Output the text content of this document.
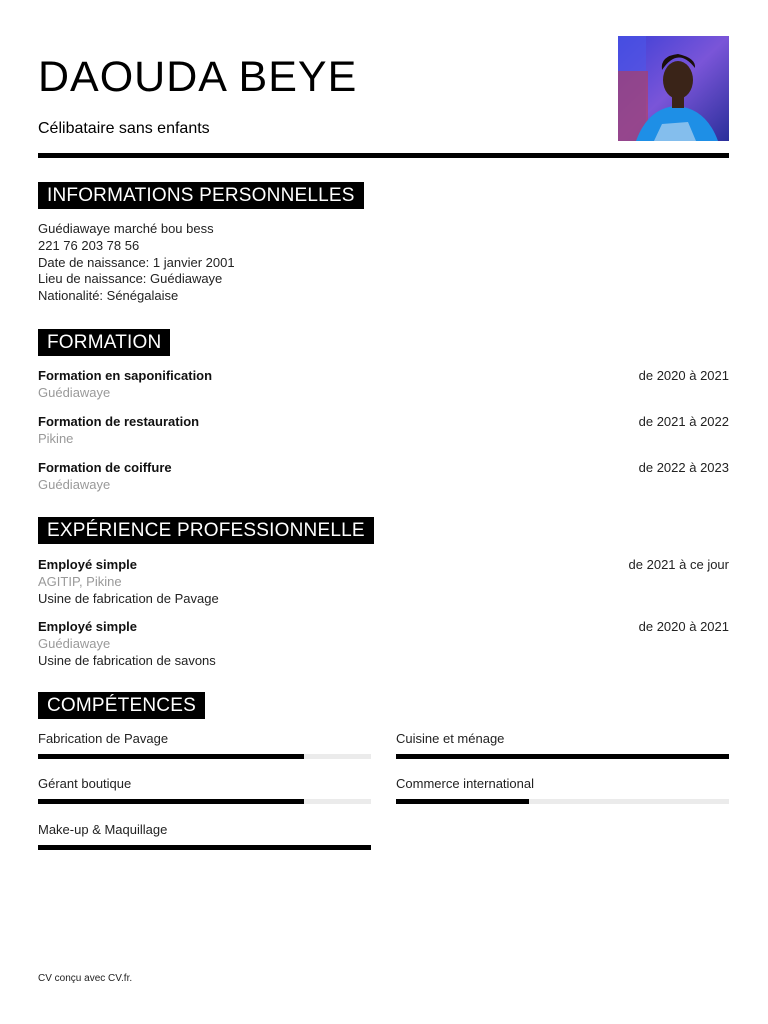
DAOUDA BEYE
Célibataire sans enfants
INFORMATIONS PERSONNELLES
Guédiawaye marché bou bess
221 76 203 78 56
Date de naissance: 1 janvier 2001
Lieu de naissance: Guédiawaye
Nationalité: Sénégalaise
FORMATION
Formation en saponification	de 2020 à 2021
Guédiawaye
Formation de restauration	de 2021 à 2022
Pikine
Formation de coiffure	de 2022 à 2023
Guédiawaye
EXPÉRIENCE PROFESSIONNELLE
Employé simple	de 2021 à ce jour
AGITIP, Pikine
Usine de fabrication de Pavage
Employé simple	de 2020 à 2021
Guédiawaye
Usine de fabrication de savons
COMPÉTENCES
Fabrication de Pavage	Cuisine et ménage
Gérant boutique	Commerce international
Make-up & Maquillage
CV conçu avec CV.fr.
